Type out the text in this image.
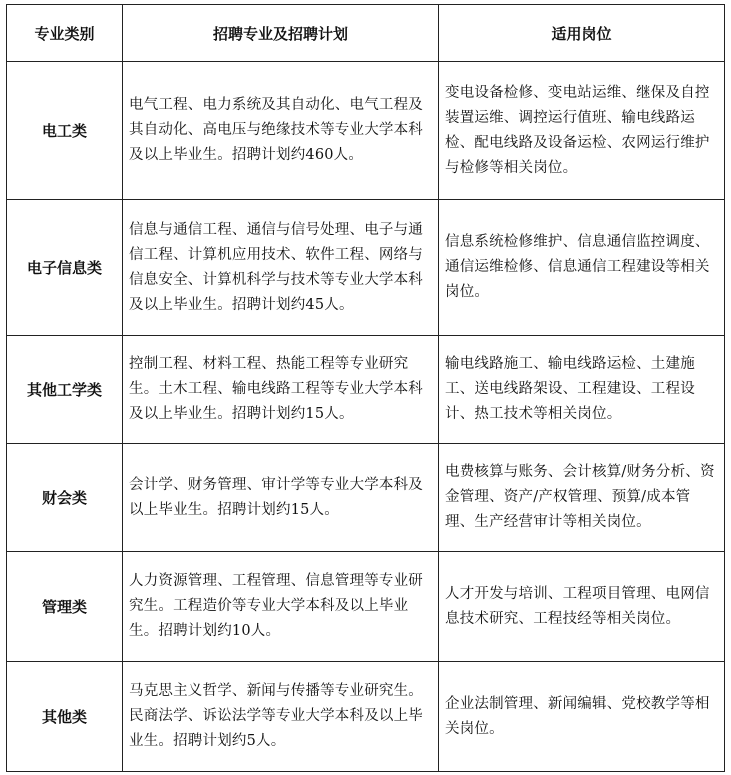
专业类别	招聘专业及招聘计划	适用岗位
电工类	电气工程、电力系统及其自动化、电气工程及其自动化、高电压与绝缘技术等专业大学本科及以上毕业生。招聘计划约460人。	变电设备检修、变电站运维、继保及自控装置运维、调控运行值班、输电线路运检、配电线路及设备运检、农网运行维护与检修等相关岗位。
电子信息类	信息与通信工程、通信与信号处理、电子与通信工程、计算机应用技术、软件工程、网络与信息安全、计算机科学与技术等专业大学本科及以上毕业生。招聘计划约45人。	信息系统检修维护、信息通信监控调度、通信运维检修、信息通信工程建设等相关岗位。
其他工学类	控制工程、材料工程、热能工程等专业研究生。土木工程、输电线路工程等专业大学本科及以上毕业生。招聘计划约15人。	输电线路施工、输电线路运检、土建施工、送电线路架设、工程建设、工程设计、热工技术等相关岗位。
财会类	会计学、财务管理、审计学等专业大学本科及以上毕业生。招聘计划约15人。	电费核算与账务、会计核算/财务分析、资金管理、资产/产权管理、预算/成本管理、生产经营审计等相关岗位。
管理类	人力资源管理、工程管理、信息管理等专业研究生。工程造价等专业大学本科及以上毕业生。招聘计划约10人。	人才开发与培训、工程项目管理、电网信息技术研究、工程技经等相关岗位。
其他类	马克思主义哲学、新闻与传播等专业研究生。民商法学、诉讼法学等专业大学本科及以上毕业生。招聘计划约5人。	企业法制管理、新闻编辑、党校教学等相关岗位。
